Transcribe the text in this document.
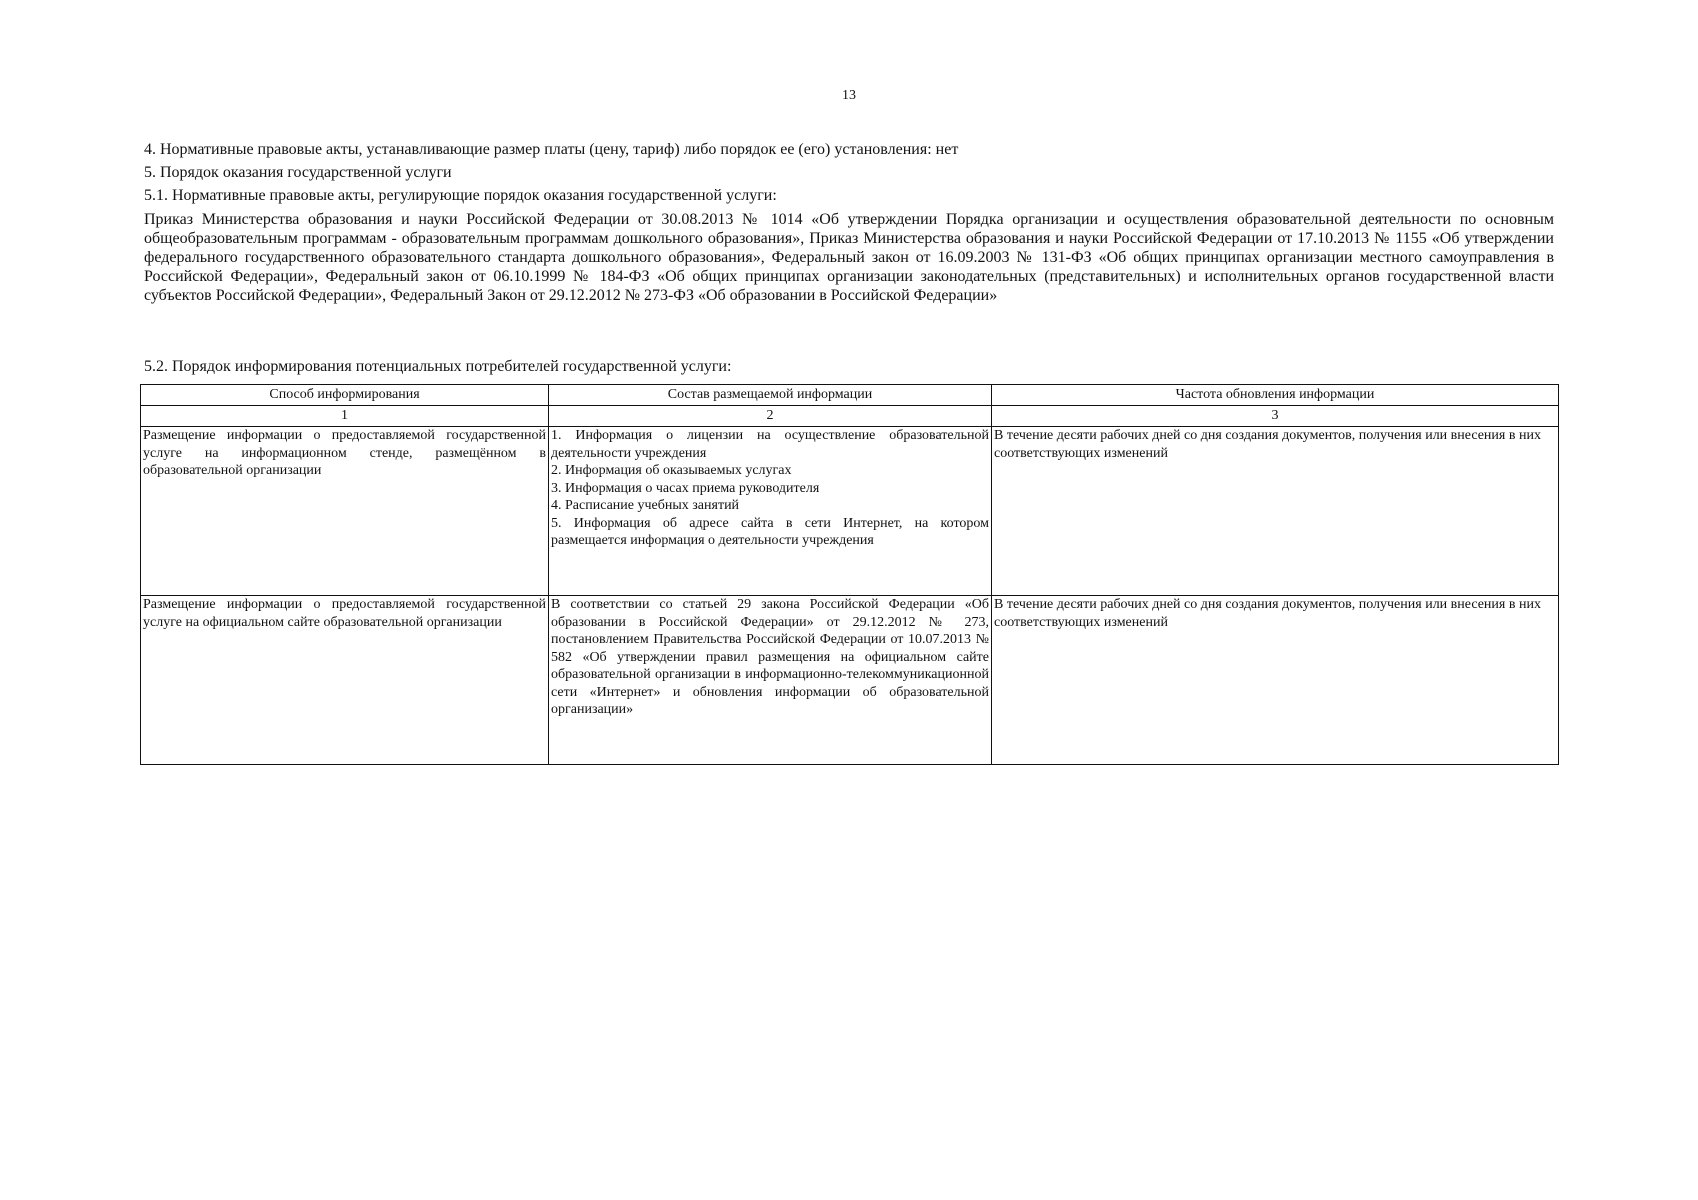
13

4. Нормативные правовые акты, устанавливающие размер платы (цену, тариф) либо порядок ее (его) установления: нет

5. Порядок оказания государственной услуги

5.1. Нормативные правовые акты, регулирующие порядок оказания государственной услуги:

Приказ Министерства образования и науки Российской Федерации от 30.08.2013 № 1014 «Об утверждении Порядка организации и осуществления образовательной деятельности по основным общеобразовательным программам - образовательным программам дошкольного образования», Приказ Министерства образования и науки Российской Федерации от 17.10.2013 № 1155 «Об утверждении федерального государственного образовательного стандарта дошкольного образования», Федеральный закон от 16.09.2003 № 131-ФЗ «Об общих принципах организации местного самоуправления в Российской Федерации», Федеральный закон от 06.10.1999 № 184-ФЗ «Об общих принципах организации законодательных (представительных) и исполнительных органов государственной власти субъектов Российской Федерации», Федеральный Закон от 29.12.2012 № 273-ФЗ «Об образовании в Российской Федерации»

5.2. Порядок информирования потенциальных потребителей государственной услуги:
Способ информирования	Состав размещаемой информации	Частота обновления информации
1	2	3
Размещение информации о предоставляемой государственной услуге на информационном стенде, размещённом в образовательной организации	1. Информация о лицензии на осуществление образовательной деятельности учреждения
2. Информация об оказываемых услугах
3. Информация о часах приема руководителя
4. Расписание учебных занятий
5. Информация об адресе сайта в сети Интернет, на котором размещается информация о деятельности учреждения	В течение десяти рабочих дней со дня создания документов, получения или внесения в них соответствующих изменений
Размещение информации о предоставляемой государственной услуге на официальном сайте образовательной организации	В соответствии со статьей 29 закона Российской Федерации «Об образовании в Российской Федерации» от 29.12.2012 № 273, постановлением Правительства Российской Федерации от 10.07.2013 № 582 «Об утверждении правил размещения на официальном сайте образовательной организации в информационно-телекоммуникационной сети «Интернет» и обновления информации об образовательной организации»	В течение десяти рабочих дней со дня создания документов, получения или внесения в них соответствующих изменений
